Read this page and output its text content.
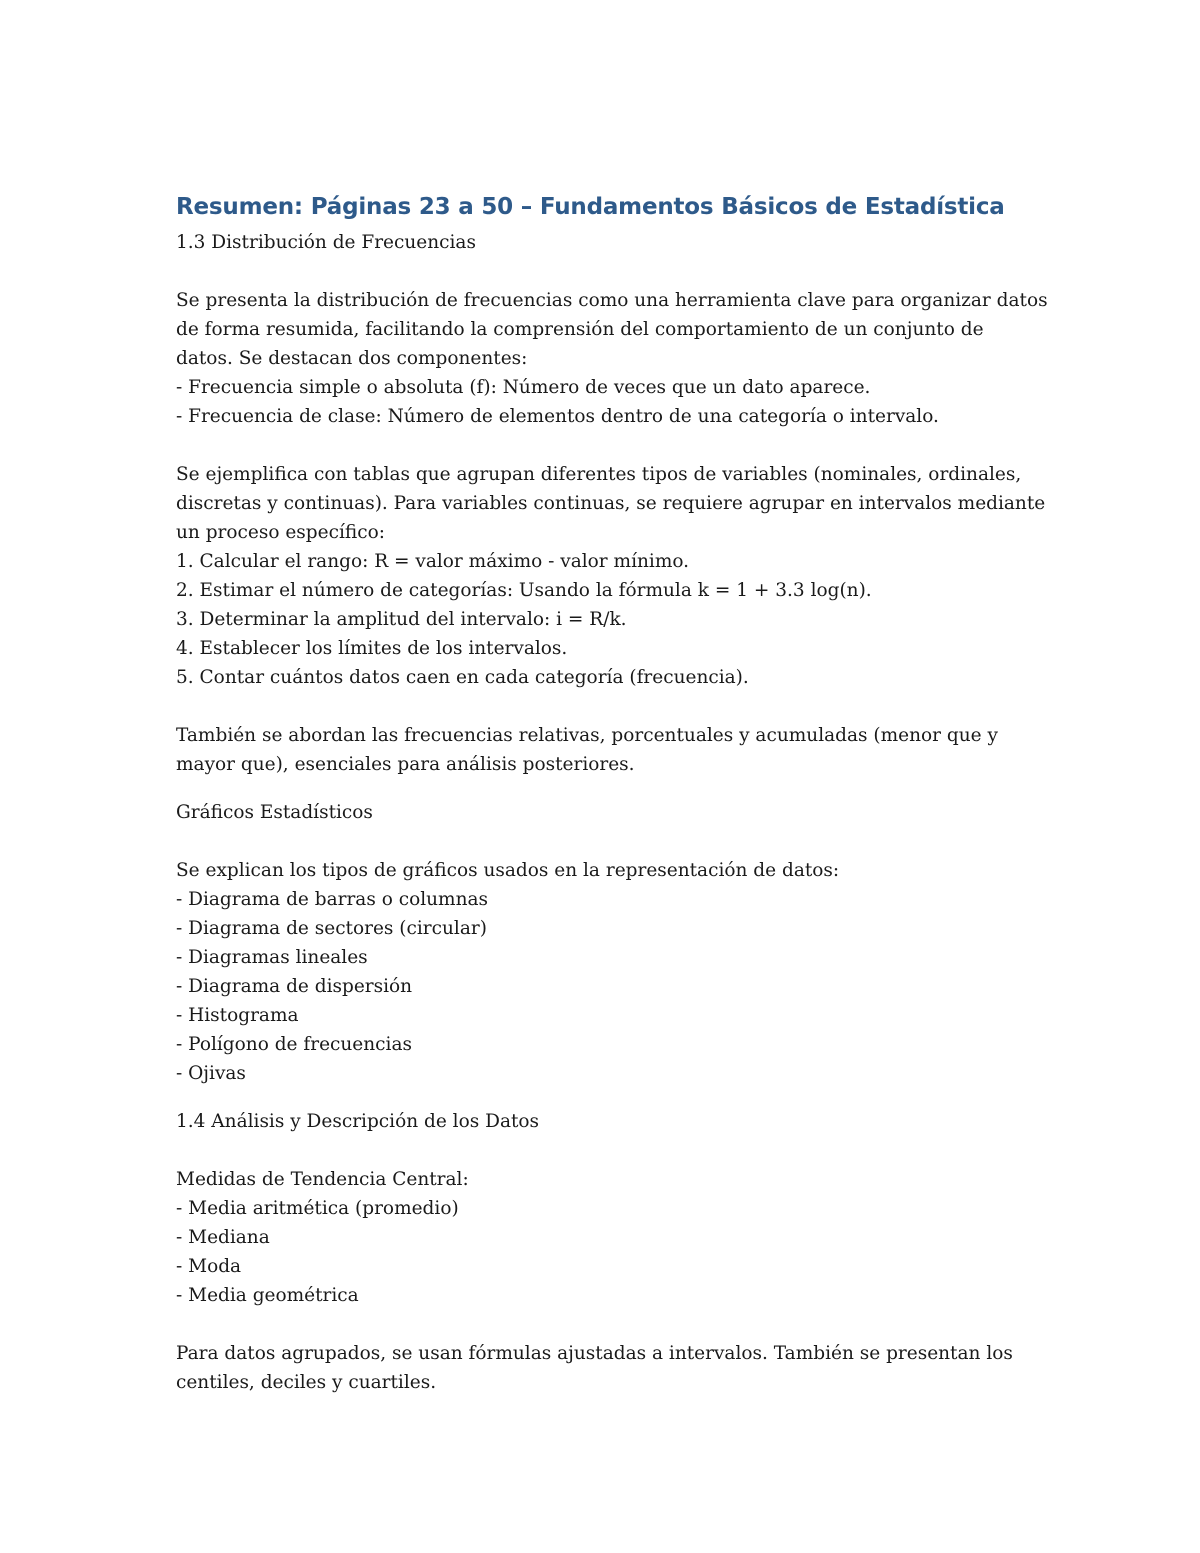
Resumen: Páginas 23 a 50 – Fundamentos Básicos de Estadística
1.3 Distribución de Frecuencias
Se presenta la distribución de frecuencias como una herramienta clave para organizar datos
de forma resumida, facilitando la comprensión del comportamiento de un conjunto de
datos. Se destacan dos componentes:
- Frecuencia simple o absoluta (f): Número de veces que un dato aparece.
- Frecuencia de clase: Número de elementos dentro de una categoría o intervalo.
Se ejemplifica con tablas que agrupan diferentes tipos de variables (nominales, ordinales,
discretas y continuas). Para variables continuas, se requiere agrupar en intervalos mediante
un proceso específico:
1. Calcular el rango: R = valor máximo - valor mínimo.
2. Estimar el número de categorías: Usando la fórmula k = 1 + 3.3 log(n).
3. Determinar la amplitud del intervalo: i = R/k.
4. Establecer los límites de los intervalos.
5. Contar cuántos datos caen en cada categoría (frecuencia).
También se abordan las frecuencias relativas, porcentuales y acumuladas (menor que y
mayor que), esenciales para análisis posteriores.
Gráficos Estadísticos
Se explican los tipos de gráficos usados en la representación de datos:
- Diagrama de barras o columnas
- Diagrama de sectores (circular)
- Diagramas lineales
- Diagrama de dispersión
- Histograma
- Polígono de frecuencias
- Ojivas
1.4 Análisis y Descripción de los Datos
Medidas de Tendencia Central:
- Media aritmética (promedio)
- Mediana
- Moda
- Media geométrica
Para datos agrupados, se usan fórmulas ajustadas a intervalos. También se presentan los
centiles, deciles y cuartiles.
